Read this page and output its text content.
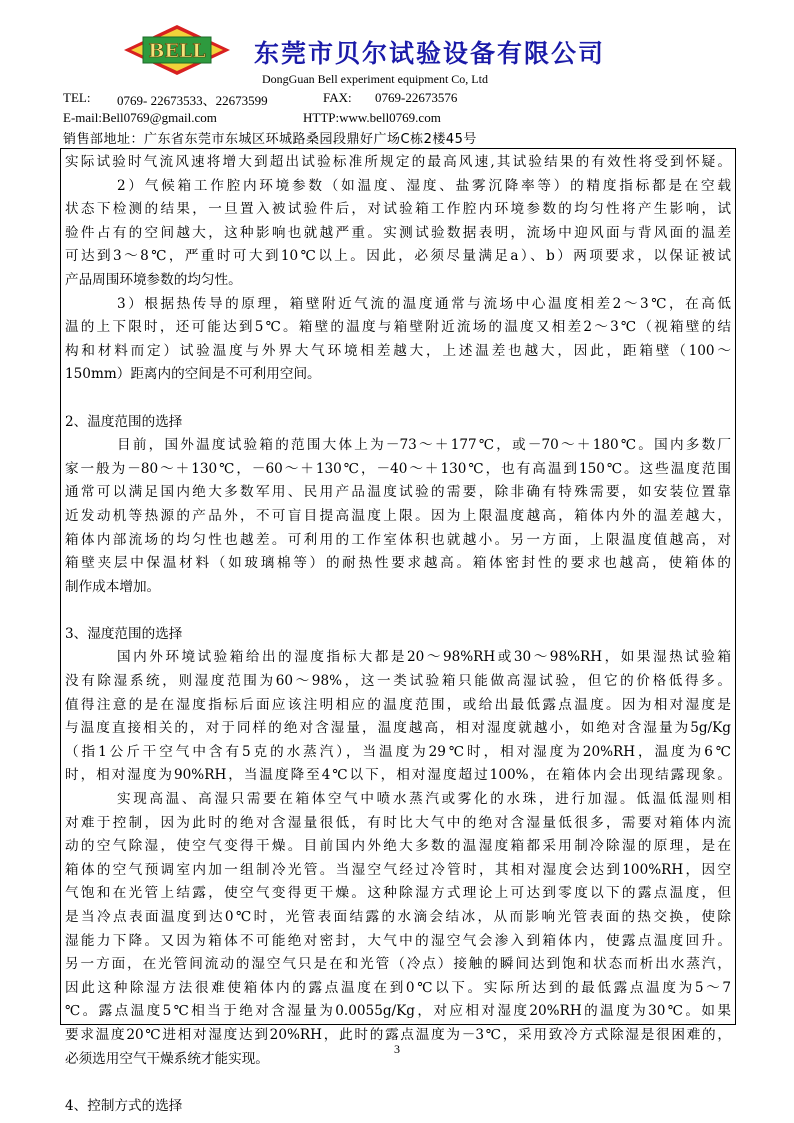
BELL 东莞市贝尔试验设备有限公司
DongGuan Bell experiment equipment Co, Ltd
TEL: 0769- 22673533、22673599	FAX: 0769-22673576
E-mail:Bell0769@gmail.com	HTTP:www.bell0769.com
销售部地址：广东省东莞市东城区环城路桑园段鼎好广场C栋2楼45号
实际试验时气流风速将增大到超出试验标准所规定的最高风速,其试验结果的有效性将受到怀疑。
2）气候箱工作腔内环境参数（如温度、湿度、盐雾沉降率等）的精度指标都是在空载
状态下检测的结果，一旦置入被试验件后，对试验箱工作腔内环境参数的均匀性将产生影响，试
验件占有的空间越大，这种影响也就越严重。实测试验数据表明，流场中迎风面与背风面的温差
可达到3～8℃，严重时可大到10℃以上。因此，必须尽量满足a）、b）两项要求，以保证被试
产品周围环境参数的均匀性。
3）根据热传导的原理，箱壁附近气流的温度通常与流场中心温度相差2～3℃，在高低
温的上下限时，还可能达到5℃。箱壁的温度与箱壁附近流场的温度又相差2～3℃（视箱壁的结
构和材料而定）试验温度与外界大气环境相差越大，上述温差也越大，因此，距箱壁（100～
150mm）距离内的空间是不可利用空间。
2、温度范围的选择
目前，国外温度试验箱的范围大体上为－73～＋177℃，或－70～＋180℃。国内多数厂
家一般为－80～＋130℃，－60～＋130℃，－40～＋130℃，也有高温到150℃。这些温度范围
通常可以满足国内绝大多数军用、民用产品温度试验的需要，除非确有特殊需要，如安装位置靠
近发动机等热源的产品外，不可盲目提高温度上限。因为上限温度越高，箱体内外的温差越大，
箱体内部流场的均匀性也越差。可利用的工作室体积也就越小。另一方面，上限温度值越高，对
箱壁夹层中保温材料（如玻璃棉等）的耐热性要求越高。箱体密封性的要求也越高，使箱体的
制作成本增加。
3、湿度范围的选择
国内外环境试验箱给出的湿度指标大都是20～98%RH或30～98%RH，如果湿热试验箱
没有除湿系统，则湿度范围为60～98%，这一类试验箱只能做高湿试验，但它的价格低得多。
值得注意的是在湿度指标后面应该注明相应的温度范围，或给出最低露点温度。因为相对湿度是
与温度直接相关的，对于同样的绝对含湿量，温度越高，相对湿度就越小，如绝对含湿量为5g/Kg
（指1公斤干空气中含有5克的水蒸汽），当温度为29℃时，相对湿度为20%RH，温度为6℃
时，相对湿度为90%RH，当温度降至4℃以下，相对湿度超过100%，在箱体内会出现结露现象。
实现高温、高湿只需要在箱体空气中喷水蒸汽或雾化的水珠，进行加湿。低温低湿则相
对难于控制，因为此时的绝对含湿量很低，有时比大气中的绝对含湿量低很多，需要对箱体内流
动的空气除湿，使空气变得干燥。目前国内外绝大多数的温湿度箱都采用制冷除湿的原理，是在
箱体的空气预调室内加一组制冷光管。当湿空气经过冷管时，其相对湿度会达到100%RH，因空
气饱和在光管上结露，使空气变得更干燥。这种除湿方式理论上可达到零度以下的露点温度，但
是当冷点表面温度到达0℃时，光管表面结露的水滴会结冰，从而影响光管表面的热交换，使除
湿能力下降。又因为箱体不可能绝对密封，大气中的湿空气会渗入到箱体内，使露点温度回升。
另一方面，在光管间流动的湿空气只是在和光管（冷点）接触的瞬间达到饱和状态而析出水蒸汽，
因此这种除湿方法很难使箱体内的露点温度在到0℃以下。实际所达到的最低露点温度为5～7
℃。露点温度5℃相当于绝对含湿量为0.0055g/Kg，对应相对湿度20%RH的温度为30℃。如果
要求温度20℃进相对湿度达到20%RH，此时的露点温度为－3℃，采用致冷方式除湿是很困难的，
必须选用空气干燥系统才能实现。
4、控制方式的选择
3
